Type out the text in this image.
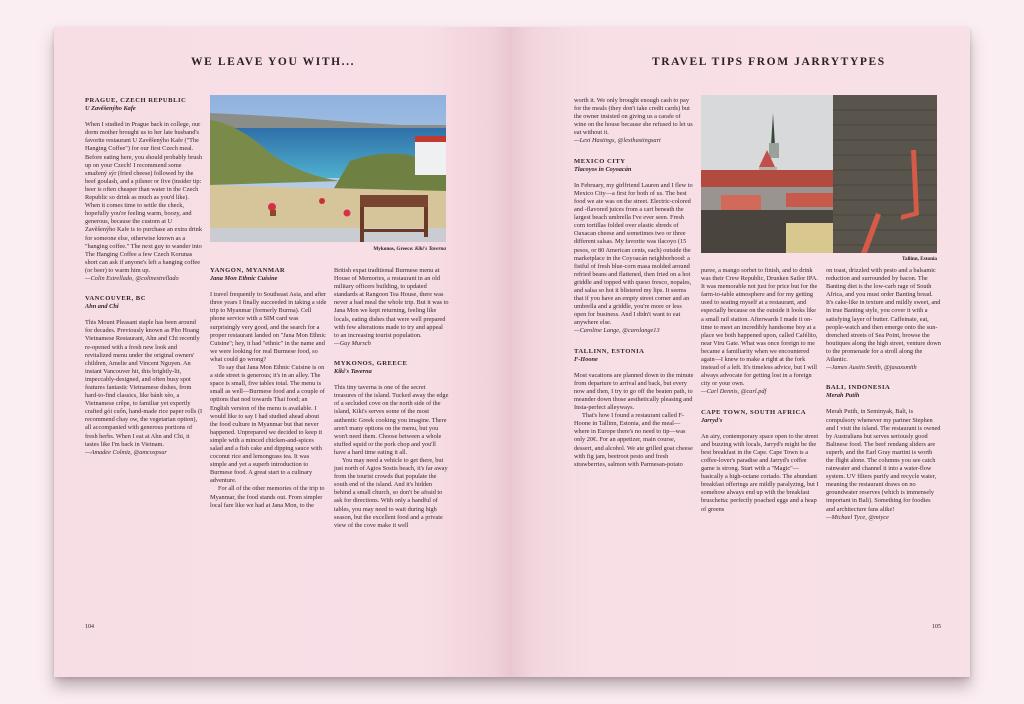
WE LEAVE YOU WITH...
PRAGUE, CZECH REPUBLIC
U Zavěšenýho Kafe

When I studied in Prague back in college, our dorm mother brought us to her late husband's favorite restaurant U Zavěšenýho Kafe ("The Hanging Coffee") for our first Czech meal. Before eating here, you should probably brush up on your Czech! I recommend some smažený sýr (fried cheese) followed by the beef goulash, and a pilsner or five (insider tip: beer is often cheaper than water in the Czech Republic so drink as much as you'd like). When it comes time to settle the check, hopefully you're feeling warm, boozy, and generous, because the custom at U Zavěšenýho Kafe is to purchase an extra drink for someone else, otherwise known as a "hanging coffee." The next guy to wander into The Hanging Coffee a few Czech Korunas short can ask if anyone's left a hanging coffee (or beer) to warm him up.

—Colin Estrellado, @colinestrellado

VANCOUVER, BC
Ahn and Chi

This Mount Pleasant staple has been around for decades. Previously known as Pho Hoang Vietnamese Restaurant, Ahn and Chi recently re-opened with a fresh new look and revitalized menu under the original owners' children, Amelie and Vincent Nguyen. An instant Vancouver hit, this brightly-lit, impeccably-designed, and often busy spot features fantastic Vietnamese dishes, from hard-to-find classics, like bánh xèo, a Vietnamese crêpe, to familiar yet expertly crafted gỏi cuốn, hand-made rice paper rolls (I recommend chay ow, the vegetarian option), all accompanied with generous portions of fresh herbs. When I eat at Ahn and Chi, it tastes like I'm back in Vietnam.

—Amadee Colmiz, @amcoxpsur

Mykonos, Greece: Kiki's Taverna
YANGON, MYANMAR
Jana Mon Ethnic Cuisine

I travel frequently to Southeast Asia, and after three years I finally succeeded in taking a side trip to Myanmar (formerly Burma). Cell phone service with a SIM card was surprisingly very good, and the search for a proper restaurant landed on "Jana Mon Ethnic Cuisine"; hey, it had "ethnic" in the name and we were looking for real Burmese food, so what could go wrong?

To say that Jana Mon Ethnic Cuisine is on a side street is generous; it's in an alley. The space is small, five tables total. The menu is small as well—Burmese food and a couple of options that nod towards Thai food; an English version of the menu is available. I would like to say I had studied ahead about the food culture in Myanmar but that never happened. Unprepared we decided to keep it simple with a minced chicken-and-spices salad and a fish cake and dipping sauce with coconut rice and lemongrass tea. It was simple and yet a superb introduction to Burmese food. A great start to a culinary adventure.

For all of the other memories of the trip to Myanmar, the food stands out. From simpler local fare like we had at Jana Mon, to the

British expat traditional Burmese menu at House of Memories, a restaurant in an old military officers building, to updated standards at Rangoon Tea House, there was never a bad meal the whole trip. But it was to Jana Mon we kept returning, feeling like locals, eating dishes that were well prepared with few alterations made to try and appeal to an increasing tourist population.

—Guy Mursch

MYKONOS, GREECE
Kiki's Taverna

This tiny taverna is one of the secret treasures of the island. Tucked away the edge of a secluded cove on the north side of the island, Kiki's serves some of the most authentic Greek cooking you imagine. There aren't many options on the menu, but you won't need them. Choose between a whole stuffed squid or the pork chop and you'll have a hard time eating it all.

You may need a vehicle to get there, but just north of Agios Sostis beach, it's far away from the tourist crowds that populate the south end of the island. And it's hidden behind a small church, so don't be afraid to ask for directions. With only a handful of tables, you may need to wait during high season, but the excellent food and a private view of the cove make it well

104
TRAVEL TIPS FROM JARRYTYPES

worth it. We only brought enough cash to pay for the meals (they don't take credit cards) but the owner insisted on giving us a carafe of wine on the house because she refused to let us eat without it.

—Lexi Hastings, @lexihastingsart

MEXICO CITY
Tlacoyos in Coyoacán

In February, my girlfriend Lauren and I flew to Mexico City—a first for both of us. The best food we ate was on the street. Electric-colored and -flavored juices from a cart beneath the largest beach umbrella I've ever seen. Fresh corn tortillas folded over elastic shreds of Oaxacan cheese and sometimes two or three different salsas. My favorite was tlacoyo (15 pesos, or 80 American cents, each) outside the marketplace in the Coyoacán neighborhood: a fistful of fresh blue-corn masa molded around refried beans and flattened, then fried on a hot griddle and topped with queso fresco, nopales, and salsa so hot it blistered my lips. It seems that if you have an empty street corner and an umbrella and a griddle, you're more or less open for business. And I didn't want to eat anywhere else.

—Caroline Lange, @carolange13

TALLINN, ESTONIA
F-Hoone

Most vacations are planned down to the minute from departure to arrival and back, but every now and then, I try to go off the beaten path, to meander down those aesthetically pleasing and Insta-perfect alleyways.

That's how I found a restaurant called F-Hoone in Tallinn, Estonia, and the meal—where in Europe there's no need to tip—was only 20€. For an appetizer, main course, dessert, and alcohol. We ate grilled goat cheese with fig jam, beetroot pesto and fresh strawberries, salmon with Parmesan-potato

Tallinn, Estonia

puree, a mango sorbet to finish, and to drink was their Crew Republic, Drunken Sailor IPA. It was memorable not just for price but for the farm-to-table atmosphere and for my getting used to seating myself at a restaurant, and especially because on the outside it looks like a small rail station. Afterwards I made it on-time to meet an incredibly handsome boy at a place we both happened upon, called Cafélito, near Viru Gate. What was once foreign to me became a familiarity when we encountered again—I knew to make a right at the fork instead of a left. It's timeless advice, but I will always advocate for getting lost in a foreign city or your own.

—Carl Dennis, @carl.pdf

CAPE TOWN, SOUTH AFRICA
Jarryd's

An airy, contemporary space open to the street and buzzing with locals, Jarryd's might be the best breakfast in the Cape. Cape Town is a coffee-lover's paradise and Jarryd's coffee game is strong. Start with a "Magic"—basically a high-octane cortado. The abundant breakfast offerings are mildly paralyzing, but I somehow always end up with the breakfast bruschetta: perfectly poached eggs and a heap of greens

on toast, drizzled with pesto and a balsamic reduction and surrounded by bacon. The Banting diet is the low-carb rage of South Africa, and you must order Banting bread. It's cake-like in texture and mildly sweet, and in true Banting style, you cover it with a satisfying layer of butter. Caffeinate, eat, people-watch and then emerge onto the sun-drenched streets of Sea Point, browse the boutiques along the high street, venture down to the promenade for a stroll along the Atlantic.

—James Austin Smith, @jasaxsmith

BALI, INDONESIA
Merah Putih

Merah Putih, in Seminyak, Bali, is compulsory whenever my partner Stephen and I visit the island. The restaurant is owned by Australians but serves seriously good Balinese food. The beef rendang sliders are superb, and the Earl Gray martini is worth the flight alone. The columns you see catch rainwater and channel it into a water-flow system. UV filters purify and recycle water, meaning the restaurant draws on no groundwater reserves (which is immensely important in Bali). Something for foodies and architecture fans alike!

—Michael Tyce, @mtyce

105
